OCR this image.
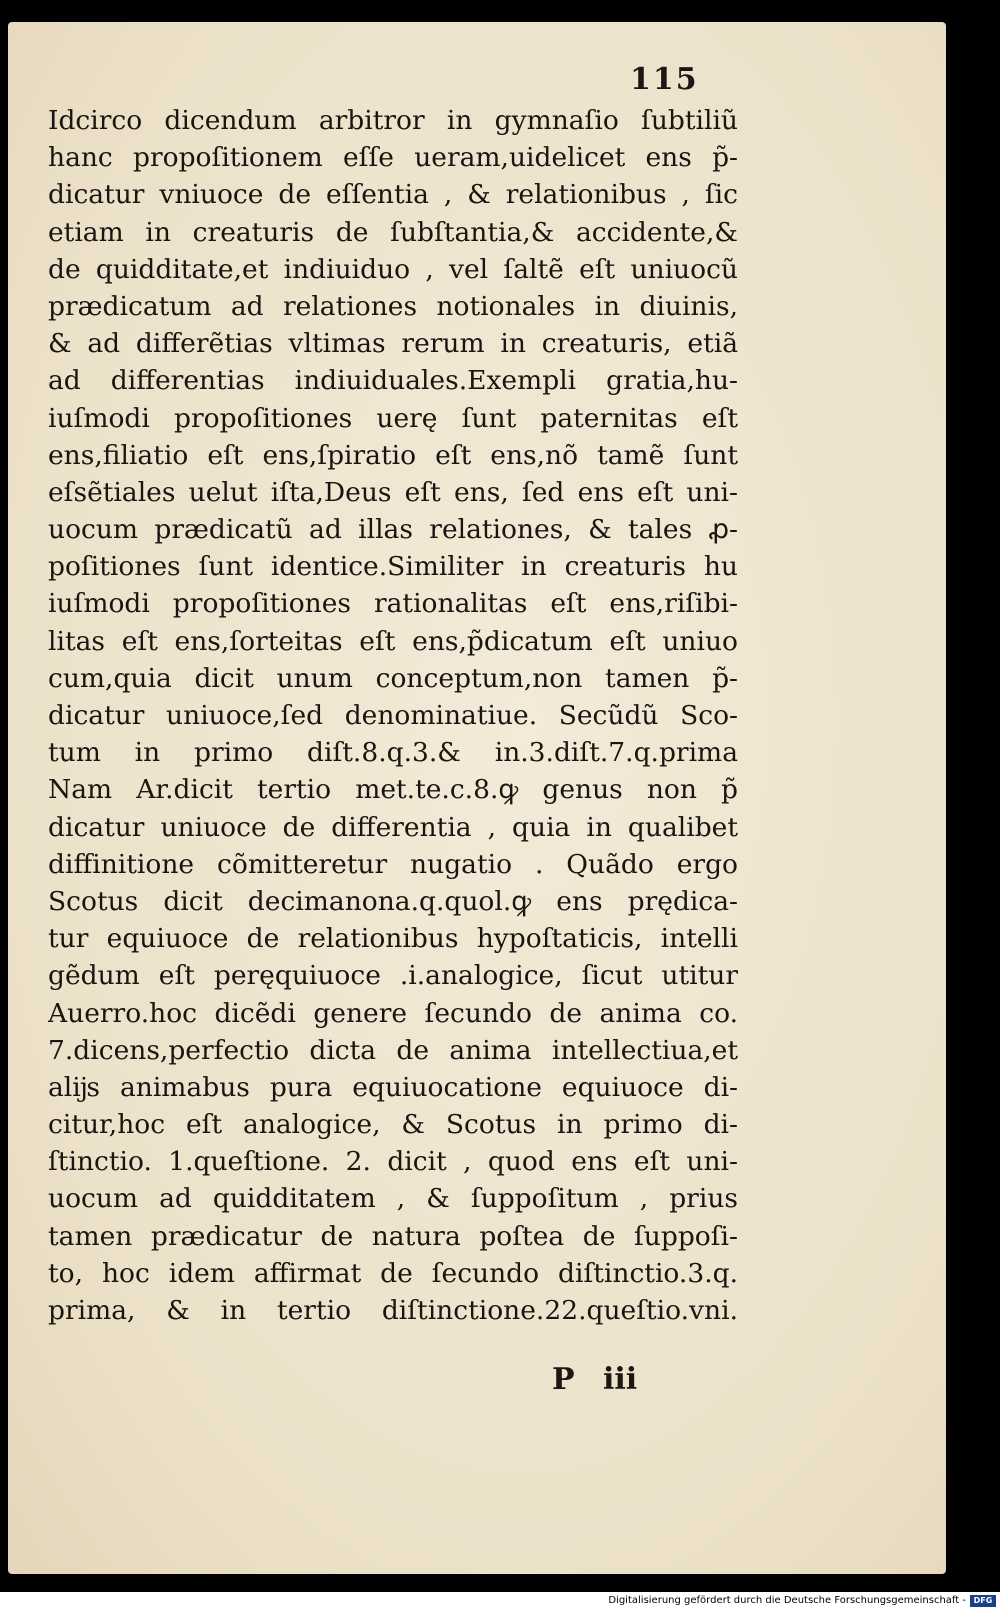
115
Idcirco dicendum arbitror in gymnaſio ſubtiliũ
hanc propoſitionem eſſe ueram,uidelicet ens p̃-
dicatur vniuoce de eſſentia , & relationibus , ſic
etiam in creaturis de ſubſtantia,& accidente,&
de quidditate,et indiuiduo , vel ſaltẽ eſt uniuocũ
prædicatum ad relationes notionales in diuinis,
& ad differẽtias vltimas rerum in creaturis, etiã
ad differentias indiuiduales.Exempli gratia,hu-
iuſmodi propoſitiones uerę ſunt paternitas eſt
ens,filiatio eſt ens,ſpiratio eſt ens,nõ tamẽ ſunt
eſsẽtiales uelut iſta,Deus eſt ens, ſed ens eſt uni-
uocum prædicatũ ad illas relationes, & tales ꝓ-
poſitiones ſunt identice.Similiter in creaturis hu
iuſmodi propoſitiones rationalitas eſt ens,riſibi-
litas eſt ens,ſorteitas eſt ens,p̃dicatum eſt uniuo
cum,quia dicit unum conceptum,non tamen p̃-
dicatur uniuoce,ſed denominatiue. Secũdũ Sco-
tum in primo diſt.8.q.3.& in.3.diſt.7.q.prima
Nam Ar.dicit tertio met.te.c.8.ꝙ genus non p̃
dicatur uniuoce de differentia , quia in qualibet
diffinitione cõmitteretur nugatio . Quãdo ergo
Scotus dicit decimanona.q.quol.ꝙ ens prędica-
tur equiuoce de relationibus hypoſtaticis, intelli
gẽdum eſt peręquiuoce .i.analogice, ſicut utitur
Auerro.hoc dicẽdi genere ſecundo de anima co.
7.dicens,perfectio dicta de anima intellectiua,et
alĳs animabus pura equiuocatione equiuoce di-
citur,hoc eſt analogice, & Scotus in primo di-
ſtinctio. 1.queſtione. 2. dicit , quod ens eſt uni-
uocum ad quidditatem , & ſuppoſitum , prius
tamen prædicatur de natura poſtea de ſuppoſi-
to, hoc idem affirmat de ſecundo diſtinctio.3.q.
prima, & in tertio diſtinctione.22.queſtio.vni.
P iii
Digitalisierung gefördert durch die Deutsche Forschungsgemeinschaft - DFG
